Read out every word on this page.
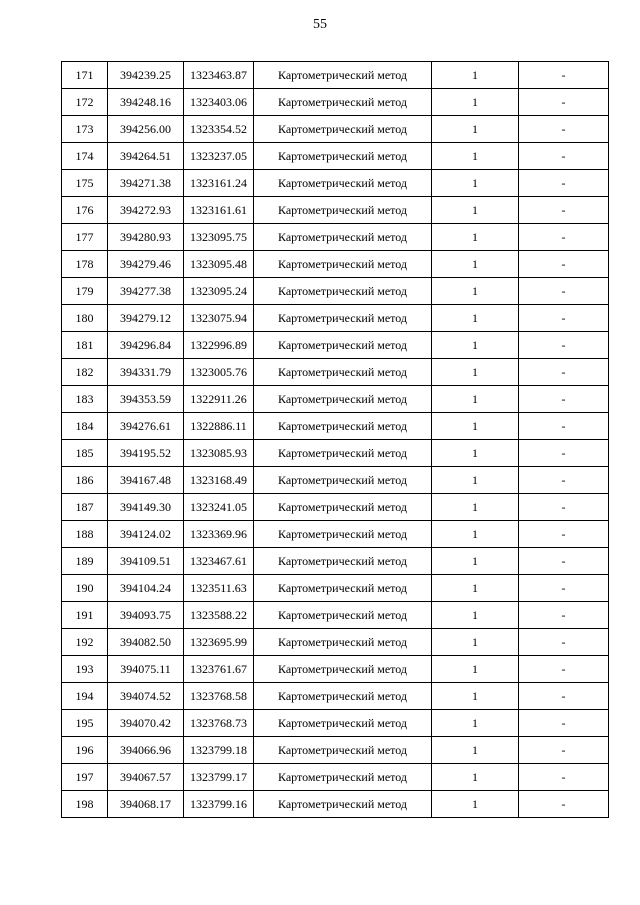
55
171	394239.25	1323463.87	Картометрический метод	1	-
172	394248.16	1323403.06	Картометрический метод	1	-
173	394256.00	1323354.52	Картометрический метод	1	-
174	394264.51	1323237.05	Картометрический метод	1	-
175	394271.38	1323161.24	Картометрический метод	1	-
176	394272.93	1323161.61	Картометрический метод	1	-
177	394280.93	1323095.75	Картометрический метод	1	-
178	394279.46	1323095.48	Картометрический метод	1	-
179	394277.38	1323095.24	Картометрический метод	1	-
180	394279.12	1323075.94	Картометрический метод	1	-
181	394296.84	1322996.89	Картометрический метод	1	-
182	394331.79	1323005.76	Картометрический метод	1	-
183	394353.59	1322911.26	Картометрический метод	1	-
184	394276.61	1322886.11	Картометрический метод	1	-
185	394195.52	1323085.93	Картометрический метод	1	-
186	394167.48	1323168.49	Картометрический метод	1	-
187	394149.30	1323241.05	Картометрический метод	1	-
188	394124.02	1323369.96	Картометрический метод	1	-
189	394109.51	1323467.61	Картометрический метод	1	-
190	394104.24	1323511.63	Картометрический метод	1	-
191	394093.75	1323588.22	Картометрический метод	1	-
192	394082.50	1323695.99	Картометрический метод	1	-
193	394075.11	1323761.67	Картометрический метод	1	-
194	394074.52	1323768.58	Картометрический метод	1	-
195	394070.42	1323768.73	Картометрический метод	1	-
196	394066.96	1323799.18	Картометрический метод	1	-
197	394067.57	1323799.17	Картометрический метод	1	-
198	394068.17	1323799.16	Картометрический метод	1	-
